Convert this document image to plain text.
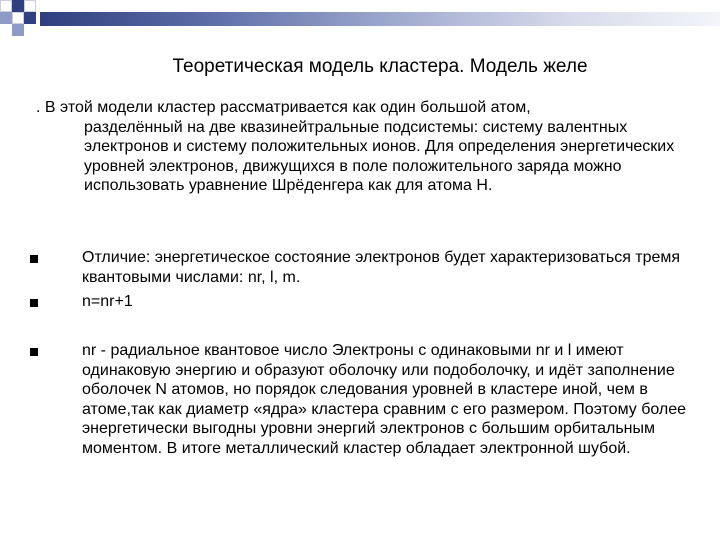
Теоретическая модель кластера. Модель желе
. В этой модели кластер рассматривается как один большой атом,
разделённый на две квазинейтральные подсистемы: систему валентных электронов и систему положительных ионов. Для определения энергетических уровней электронов, движущихся в поле положительного заряда можно использовать уравнение Шрёденгера как для атома Н.
Отличие: энергетическое состояние электронов будет характеризоваться тремя квантовыми числами: nr, l, m.
n=nr+1
nr - радиальное квантовое число Электроны с одинаковыми nr и l имеют одинаковую энергию и образуют оболочку или подоболочку, и идёт заполнение оболочек N атомов, но порядок следования уровней в кластере иной, чем в атоме,так как диаметр «ядра» кластера сравним с его размером. Поэтому более энергетически выгодны уровни энергий электронов с большим орбитальным моментом. В итоге металлический кластер обладает электронной шубой.
